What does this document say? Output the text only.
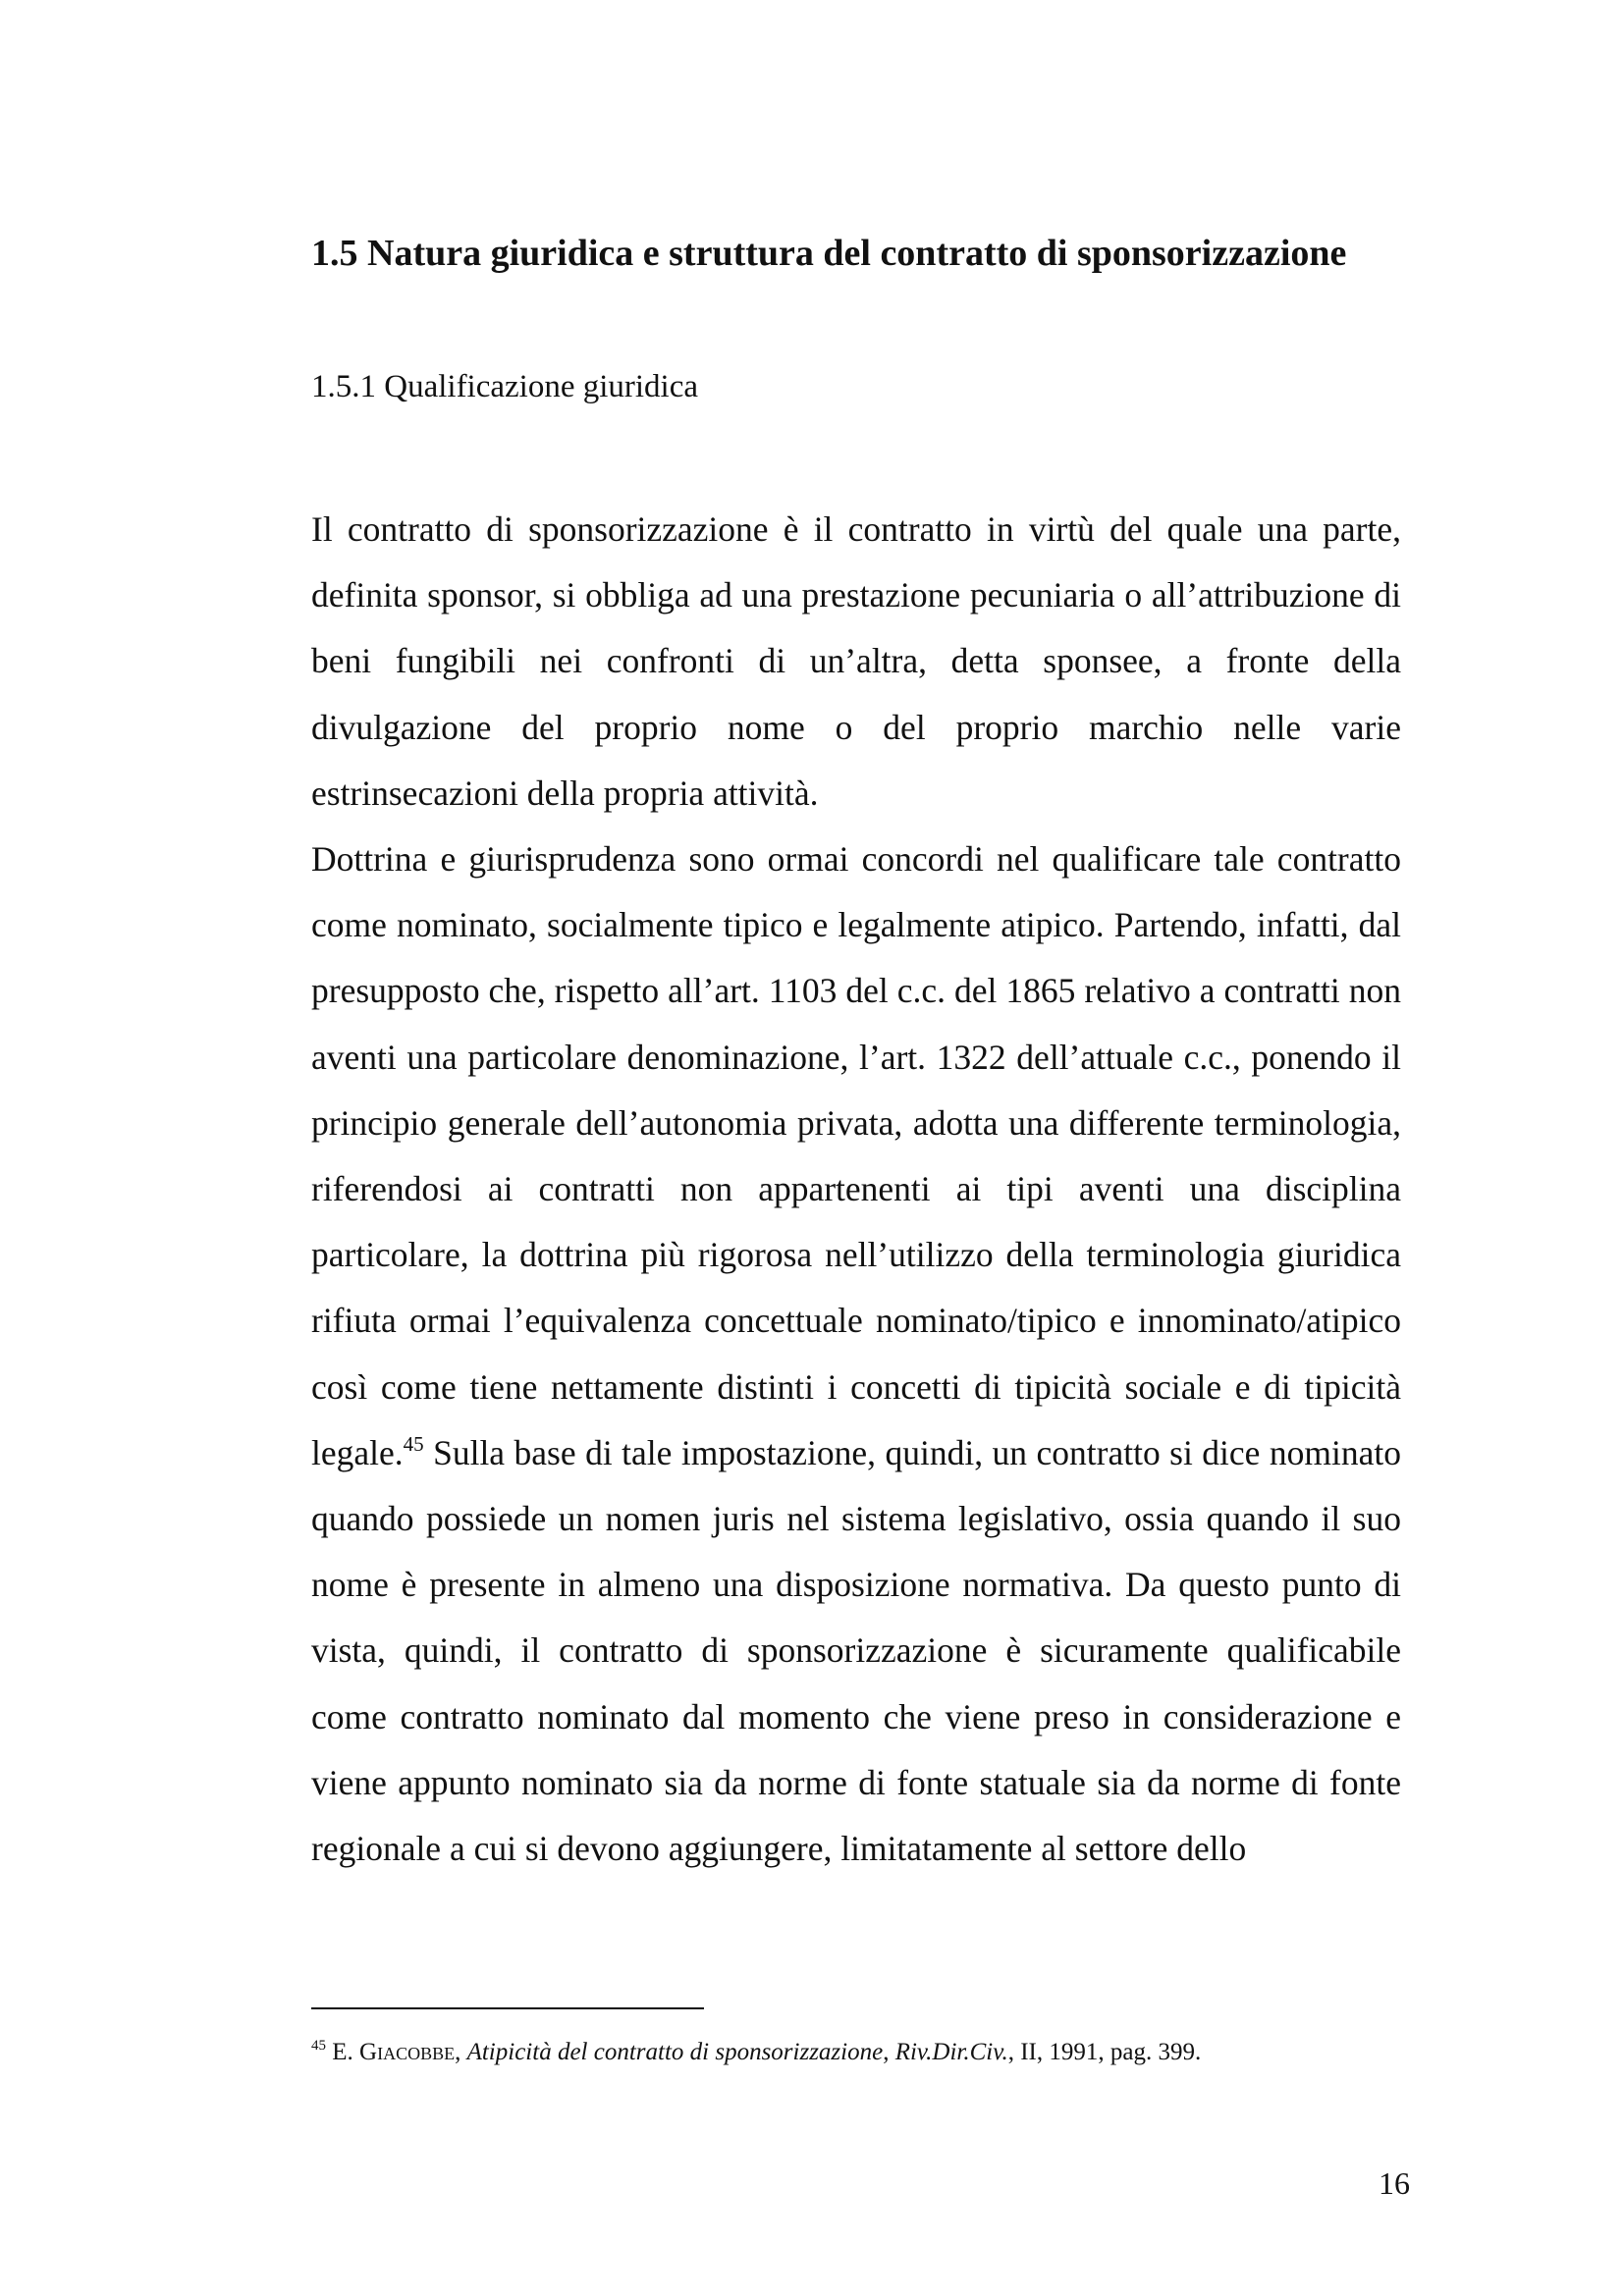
1.5 Natura giuridica e struttura del contratto di sponsorizzazione
1.5.1 Qualificazione giuridica

Il contratto di sponsorizzazione è il contratto in virtù del quale una parte, definita sponsor, si obbliga ad una prestazione pecuniaria o all’attribuzione di beni fungibili nei confronti di un’altra, detta sponsee, a fronte della divulgazione del proprio nome o del proprio marchio nelle varie estrinsecazioni della propria attività.

Dottrina e giurisprudenza sono ormai concordi nel qualificare tale contratto come nominato, socialmente tipico e legalmente atipico. Partendo, infatti, dal presupposto che, rispetto all’art. 1103 del c.c. del 1865 relativo a contratti non aventi una particolare denominazione, l’art. 1322 dell’attuale c.c., ponendo il principio generale dell’autonomia privata, adotta una differente terminologia, riferendosi ai contratti non appartenenti ai tipi aventi una disciplina particolare, la dottrina più rigorosa nell’utilizzo della terminologia giuridica rifiuta ormai l’equivalenza concettuale nominato/tipico e innominato/atipico così come tiene nettamente distinti i concetti di tipicità sociale e di tipicità legale.$^{45}$ Sulla base di tale impostazione, quindi, un contratto si dice nominato quando possiede un nomen juris nel sistema legislativo, ossia quando il suo nome è presente in almeno una disposizione normativa. Da questo punto di vista, quindi, il contratto di sponsorizzazione è sicuramente qualificabile come contratto nominato dal momento che viene preso in considerazione e viene appunto nominato sia da norme di fonte statuale sia da norme di fonte regionale a cui si devono aggiungere, limitatamente al settore dello

$^{45}$ E. Giacobbe, Atipicità del contratto di sponsorizzazione, Riv.Dir.Civ., II, 1991, pag. 399.
16
